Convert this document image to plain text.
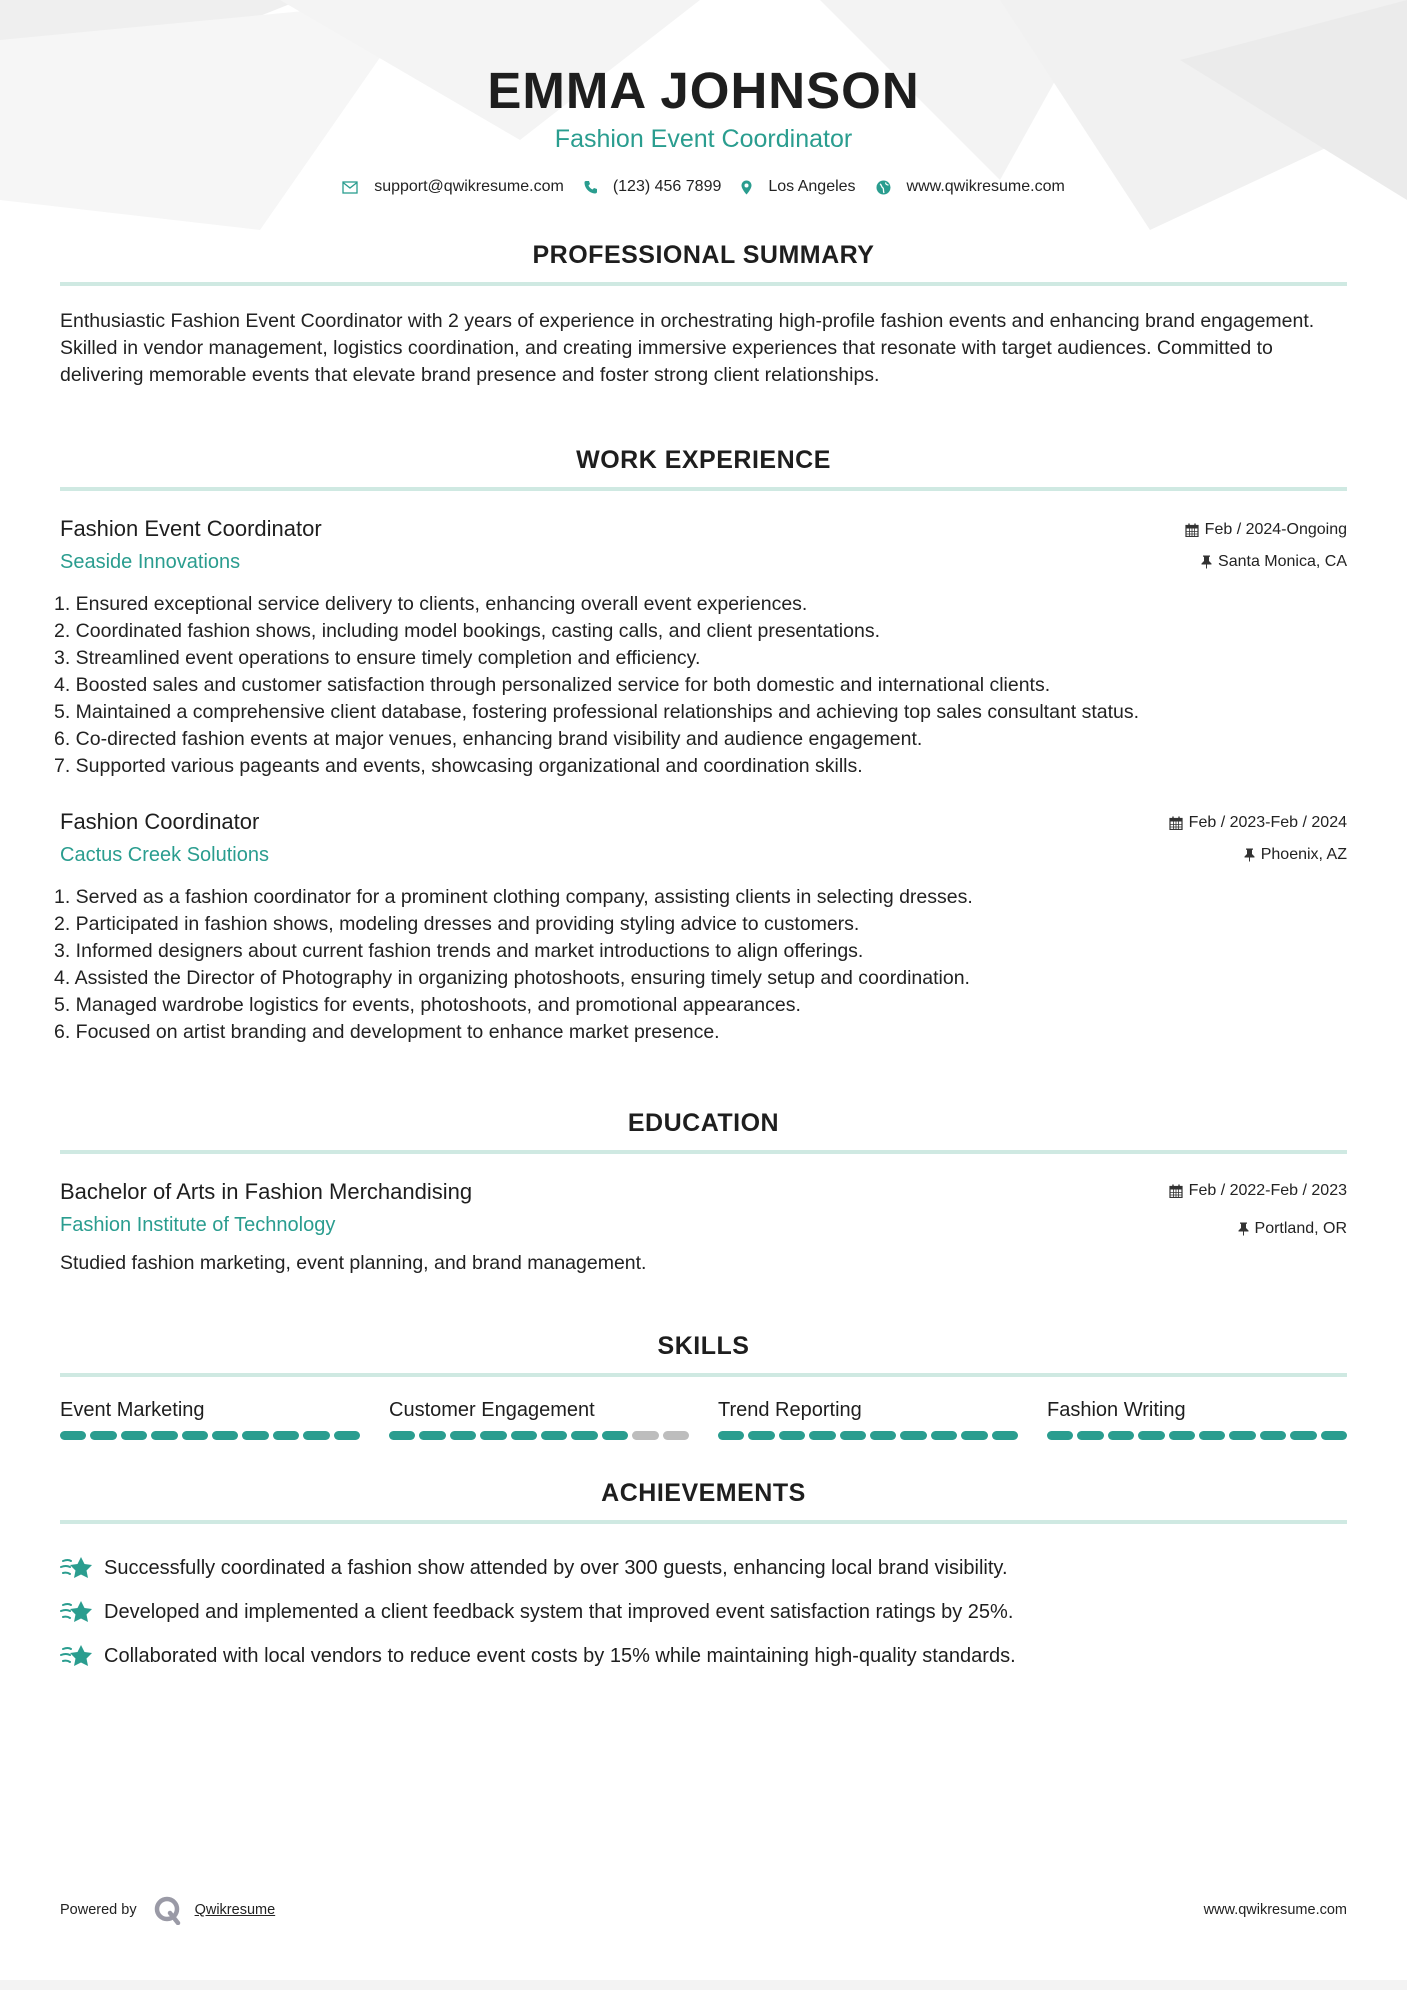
EMMA JOHNSON
Fashion Event Coordinator
support@qwikresume.com	(123) 456 7899	Los Angeles	www.qwikresume.com
PROFESSIONAL SUMMARY

Enthusiastic Fashion Event Coordinator with 2 years of experience in orchestrating high-profile fashion events and enhancing brand engagement. Skilled in vendor management, logistics coordination, and creating immersive experiences that resonate with target audiences. Committed to delivering memorable events that elevate brand presence and foster strong client relationships.

WORK EXPERIENCE
Fashion Event Coordinator
Seaside Innovations
Feb / 2024-Ongoing
Santa Monica, CA
1. Ensured exceptional service delivery to clients, enhancing overall event experiences.
2. Coordinated fashion shows, including model bookings, casting calls, and client presentations.
3. Streamlined event operations to ensure timely completion and efficiency.
4. Boosted sales and customer satisfaction through personalized service for both domestic and international clients.
5. Maintained a comprehensive client database, fostering professional relationships and achieving top sales consultant status.
6. Co-directed fashion events at major venues, enhancing brand visibility and audience engagement.
7. Supported various pageants and events, showcasing organizational and coordination skills.
Fashion Coordinator
Cactus Creek Solutions
Feb / 2023-Feb / 2024
Phoenix, AZ
1. Served as a fashion coordinator for a prominent clothing company, assisting clients in selecting dresses.
2. Participated in fashion shows, modeling dresses and providing styling advice to customers.
3. Informed designers about current fashion trends and market introductions to align offerings.
4. Assisted the Director of Photography in organizing photoshoots, ensuring timely setup and coordination.
5. Managed wardrobe logistics for events, photoshoots, and promotional appearances.
6. Focused on artist branding and development to enhance market presence.
EDUCATION
Bachelor of Arts in Fashion Merchandising
Fashion Institute of Technology
Feb / 2022-Feb / 2023
Portland, OR

Studied fashion marketing, event planning, and brand management.

SKILLS
Event Marketing	Customer Engagement	Trend Reporting	Fashion Writing
ACHIEVEMENTS
Successfully coordinated a fashion show attended by over 300 guests, enhancing local brand visibility.
Developed and implemented a client feedback system that improved event satisfaction ratings by 25%.
Collaborated with local vendors to reduce event costs by 15% while maintaining high-quality standards.
Powered by	Qwikresume	www.qwikresume.com
